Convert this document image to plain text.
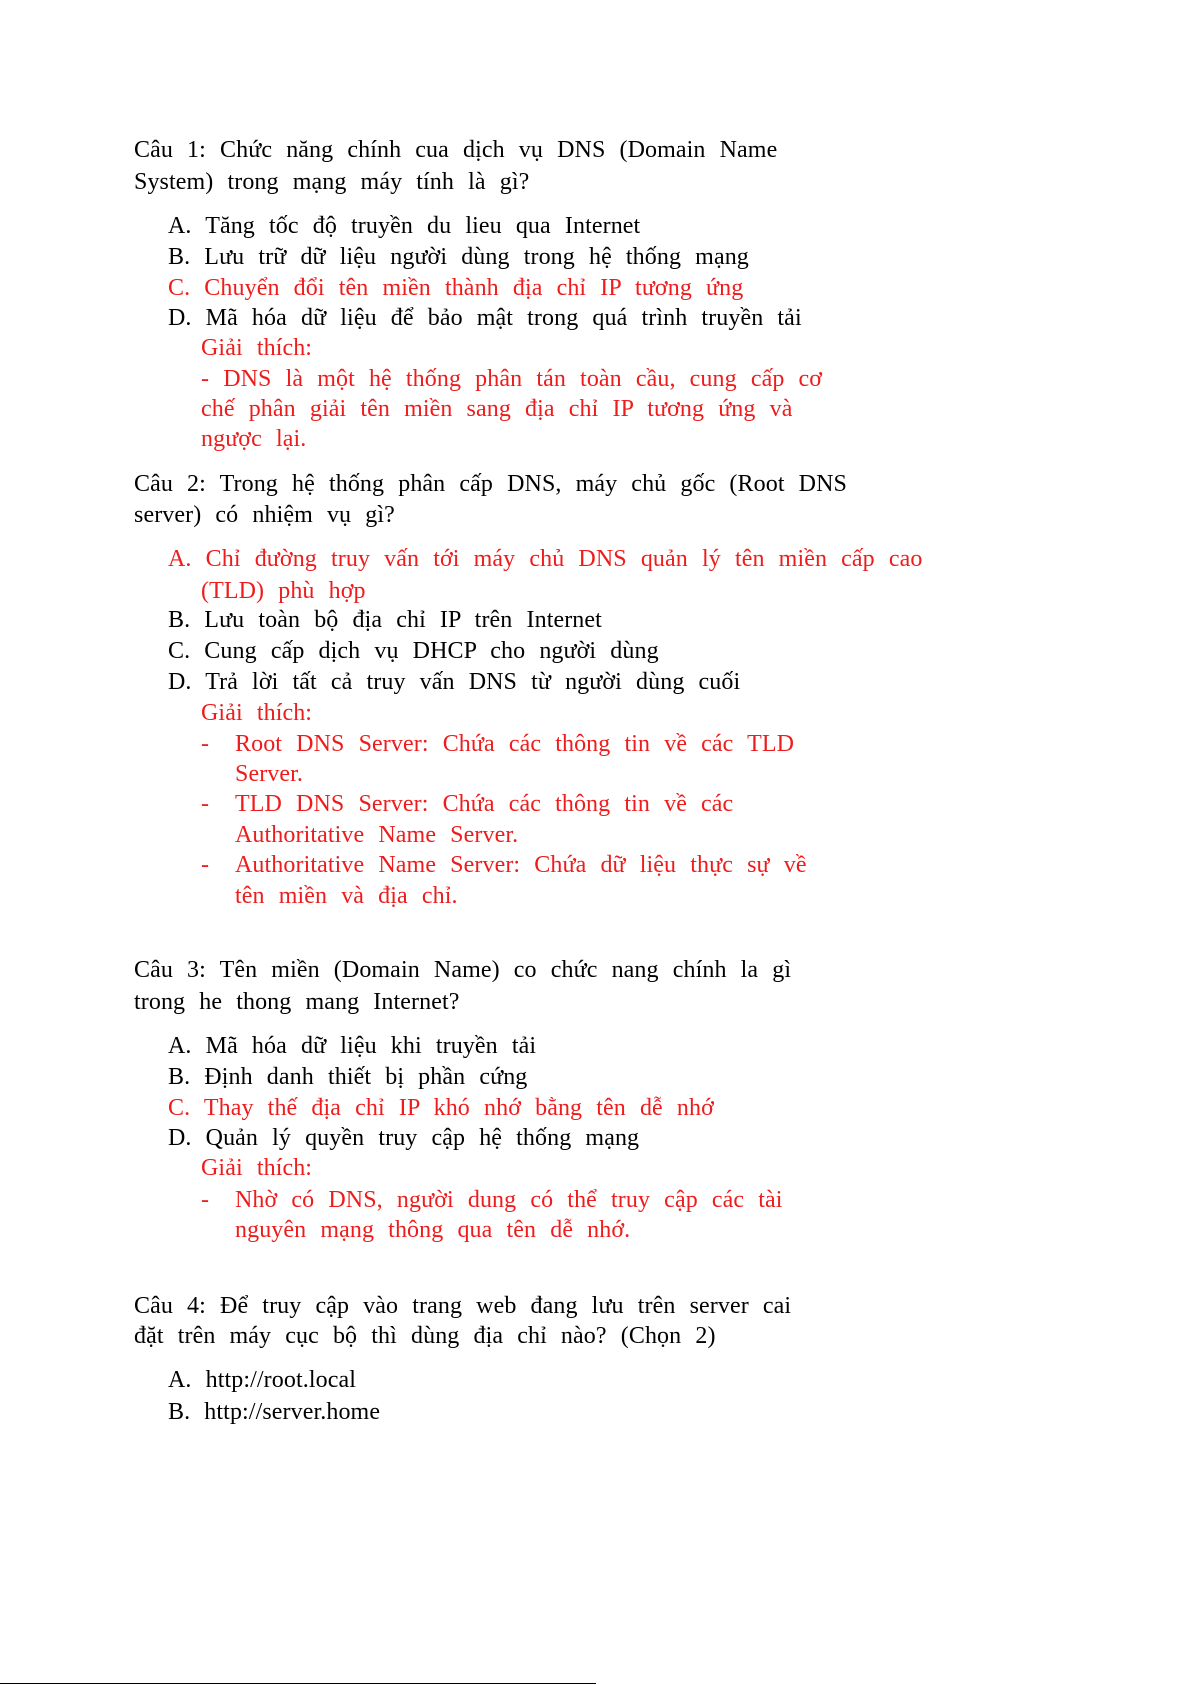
Câu 1: Chức năng chính cua dịch vụ DNS (Domain Name
System) trong mạng máy tính là gì?
A. Tăng tốc độ truyền du lieu qua Internet
B. Lưu trữ dữ liệu người dùng trong hệ thống mạng
C. Chuyển đổi tên miền thành địa chỉ IP tương ứng
D. Mã hóa dữ liệu để bảo mật trong quá trình truyền tải
Giải thích:
- DNS là một hệ thống phân tán toàn cầu, cung cấp cơ
chế phân giải tên miền sang địa chỉ IP tương ứng và
ngược lại.
Câu 2: Trong hệ thống phân cấp DNS, máy chủ gốc (Root DNS
server) có nhiệm vụ gì?
A. Chỉ đường truy vấn tới máy chủ DNS quản lý tên miền cấp cao
(TLD) phù hợp
B. Lưu toàn bộ địa chỉ IP trên Internet
C. Cung cấp dịch vụ DHCP cho người dùng
D. Trả lời tất cả truy vấn DNS từ người dùng cuối
Giải thích:
- Root DNS Server: Chứa các thông tin về các TLD
Server.
- TLD DNS Server: Chứa các thông tin về các
Authoritative Name Server.
- Authoritative Name Server: Chứa dữ liệu thực sự về
tên miền và địa chỉ.
Câu 3: Tên miền (Domain Name) co chức nang chính la gì
trong he thong mang Internet?
A. Mã hóa dữ liệu khi truyền tải
B. Định danh thiết bị phần cứng
C. Thay thế địa chỉ IP khó nhớ bằng tên dễ nhớ
D. Quản lý quyền truy cập hệ thống mạng
Giải thích:
- Nhờ có DNS, người dung có thể truy cập các tài
nguyên mạng thông qua tên dễ nhớ.
Câu 4: Để truy cập vào trang web đang lưu trên server cai
đặt trên máy cục bộ thì dùng địa chỉ nào? (Chọn 2)
A. http://root.local
B. http://server.home
